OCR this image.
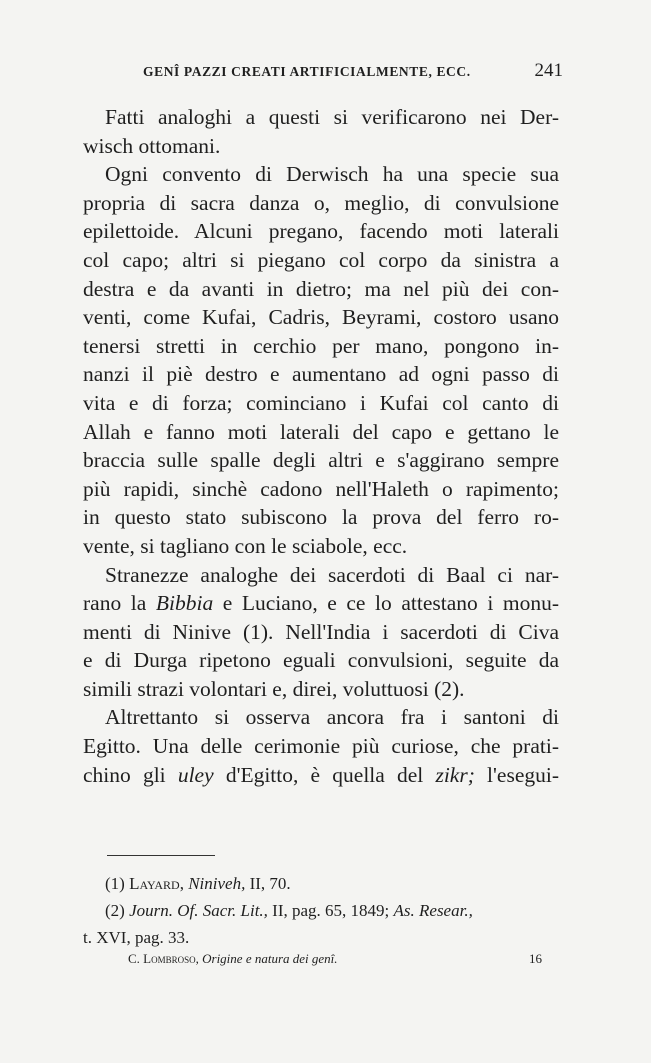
GENÎ PAZZI CREATI ARTIFICIALMENTE, ECC.	241
Fatti analoghi a questi si verificarono nei Der-
wisch ottomani.
Ogni convento di Derwisch ha una specie sua
propria di sacra danza o, meglio, di convulsione
epilettoide. Alcuni pregano, facendo moti laterali
col capo; altri si piegano col corpo da sinistra a
destra e da avanti in dietro; ma nel più dei con-
venti, come Kufai, Cadris, Beyrami, costoro usano
tenersi stretti in cerchio per mano, pongono in-
nanzi il piè destro e aumentano ad ogni passo di
vita e di forza; cominciano i Kufai col canto di
Allah e fanno moti laterali del capo e gettano le
braccia sulle spalle degli altri e s'aggirano sempre
più rapidi, sinchè cadono nell'Haleth o rapimento;
in questo stato subiscono la prova del ferro ro-
vente, si tagliano con le sciabole, ecc.
Stranezze analoghe dei sacerdoti di Baal ci nar-
rano la Bibbia e Luciano, e ce lo attestano i monu-
menti di Ninive (1). Nell'India i sacerdoti di Civa
e di Durga ripetono eguali convulsioni, seguite da
simili strazi volontari e, direi, voluttuosi (2).
Altrettanto si osserva ancora fra i santoni di
Egitto. Una delle cerimonie più curiose, che prati-
chino gli uley d'Egitto, è quella del zikr; l'esegui-
(1) Layard, Niniveh, II, 70.
(2) Journ. Of. Sacr. Lit., II, pag. 65, 1849; As. Resear.,
t. XVI, pag. 33.
C. Lombroso, Origine e natura dei genî.	16
